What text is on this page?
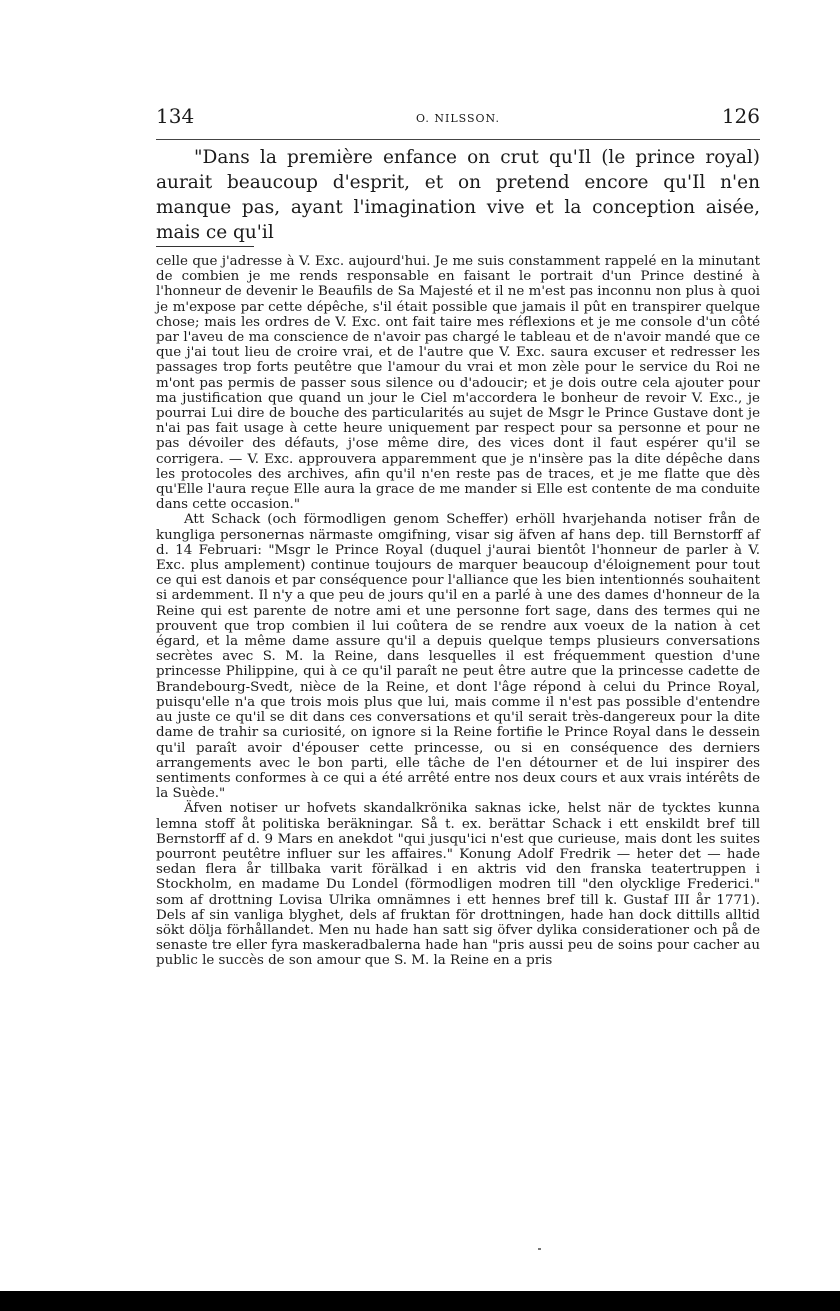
134	O. NILSSON.	126

"Dans la première enfance on crut qu'Il (le prince royal) aurait beaucoup d'esprit, et on pretend encore qu'Il n'en manque pas, ayant l'imagination vive et la conception aisée, mais ce qu'il

celle que j'adresse à V. Exc. aujourd'hui. Je me suis constamment rappelé en la minutant de combien je me rends responsable en faisant le portrait d'un Prince destiné à l'honneur de devenir le Beaufils de Sa Majesté et il ne m'est pas inconnu non plus à quoi je m'expose par cette dépêche, s'il était possible que jamais il pût en transpirer quelque chose; mais les ordres de V. Exc. ont fait taire mes réflexions et je me console d'un côté par l'aveu de ma conscience de n'avoir pas chargé le tableau et de n'avoir mandé que ce que j'ai tout lieu de croire vrai, et de l'autre que V. Exc. saura excuser et redresser les passages trop forts peutêtre que l'amour du vrai et mon zèle pour le service du Roi ne m'ont pas permis de passer sous silence ou d'adoucir; et je dois outre cela ajouter pour ma justification que quand un jour le Ciel m'accordera le bonheur de revoir V. Exc., je pourrai Lui dire de bouche des particularités au sujet de Msgr le Prince Gustave dont je n'ai pas fait usage à cette heure uniquement par respect pour sa personne et pour ne pas dévoiler des défauts, j'ose même dire, des vices dont il faut espérer qu'il se corrigera. — V. Exc. approuvera apparemment que je n'insère pas la dite dépêche dans les protocoles des archives, afin qu'il n'en reste pas de traces, et je me flatte que dès qu'Elle l'aura reçue Elle aura la grace de me mander si Elle est contente de ma conduite dans cette occasion."

Att Schack (och förmodligen genom Scheffer) erhöll hvarjehanda notiser från de kungliga personernas närmaste omgifning, visar sig äfven af hans dep. till Bernstorff af d. 14 Februari: "Msgr le Prince Royal (duquel j'aurai bientôt l'honneur de parler à V. Exc. plus amplement) continue toujours de marquer beaucoup d'éloignement pour tout ce qui est danois et par conséquence pour l'alliance que les bien intentionnés souhaitent si ardemment. Il n'y a que peu de jours qu'il en a parlé à une des dames d'honneur de la Reine qui est parente de notre ami et une personne fort sage, dans des termes qui ne prouvent que trop combien il lui coûtera de se rendre aux voeux de la nation à cet égard, et la même dame assure qu'il a depuis quelque temps plusieurs conversations secrètes avec S. M. la Reine, dans lesquelles il est fréquemment question d'une princesse Philippine, qui à ce qu'il paraît ne peut être autre que la princesse cadette de Brandebourg-Svedt, nièce de la Reine, et dont l'âge répond à celui du Prince Royal, puisqu'elle n'a que trois mois plus que lui, mais comme il n'est pas possible d'entendre au juste ce qu'il se dit dans ces conversations et qu'il serait très-dangereux pour la dite dame de trahir sa curiosité, on ignore si la Reine fortifie le Prince Royal dans le dessein qu'il paraît avoir d'épouser cette princesse, ou si en conséquence des derniers arrangements avec le bon parti, elle tâche de l'en détourner et de lui inspirer des sentiments conformes à ce qui a été arrêté entre nos deux cours et aux vrais intérêts de la Suède."

Äfven notiser ur hofvets skandalkrönika saknas icke, helst när de tycktes kunna lemna stoff åt politiska beräkningar. Så t. ex. berättar Schack i ett enskildt bref till Bernstorff af d. 9 Mars en anekdot "qui jusqu'ici n'est que curieuse, mais dont les suites pourront peutêtre influer sur les affaires." Konung Adolf Fredrik — heter det — hade sedan flera år tillbaka varit förälkad i en aktris vid den franska teatertruppen i Stockholm, en madame Du Londel (förmodligen modren till "den olycklige Frederici." som af drottning Lovisa Ulrika omnämnes i ett hennes bref till k. Gustaf III år 1771). Dels af sin vanliga blyghet, dels af fruktan för drottningen, hade han dock dittills alltid sökt dölja förhållandet. Men nu hade han satt sig öfver dylika considerationer och på de senaste tre eller fyra maskeradbalerna hade han "pris aussi peu de soins pour cacher au public le succès de son amour que S. M. la Reine en a pris
